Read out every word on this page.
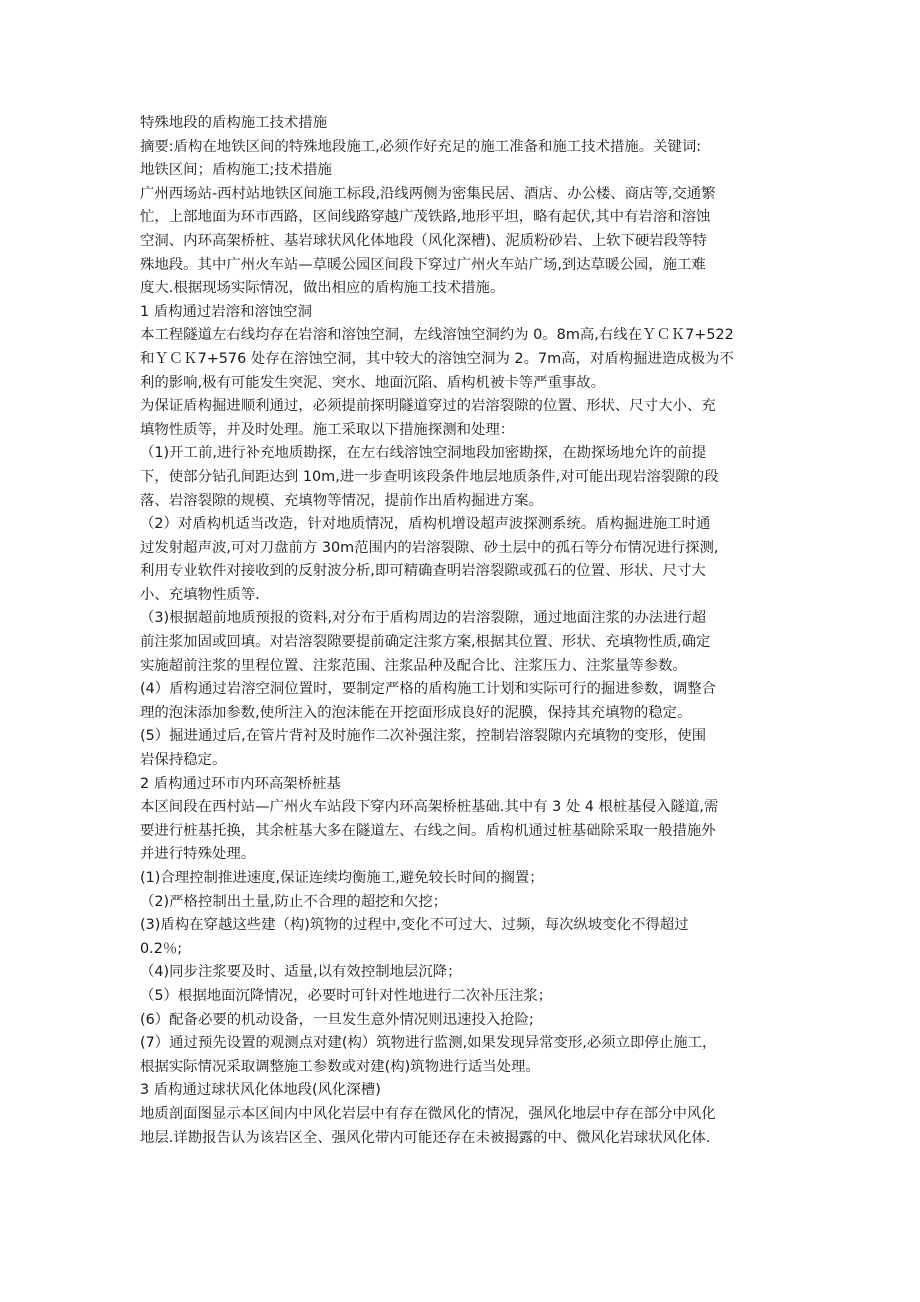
特殊地段的盾构施工技术措施
摘要:盾构在地铁区间的特殊地段施工,必须作好充足的施工准备和施工技术措施。关键词:
地铁区间；盾构施工;技术措施
广州西场站-西村站地铁区间施工标段,沿线两侧为密集民居、酒店、办公楼、商店等,交通繁
忙，上部地面为环市西路，区间线路穿越广茂铁路,地形平坦，略有起伏,其中有岩溶和溶蚀
空洞、内环高架桥桩、基岩球状风化体地段（风化深槽)、泥质粉砂岩、上软下硬岩段等特
殊地段。其中广州火车站—草暖公园区间段下穿过广州火车站广场,到达草暖公园，施工难
度大.根据现场实际情况，做出相应的盾构施工技术措施。
1 盾构通过岩溶和溶蚀空洞
本工程隧道左右线均存在岩溶和溶蚀空洞，左线溶蚀空洞约为 0。8m高,右线在ＹＣＫ7+522
和ＹＣＫ7+576 处存在溶蚀空洞，其中较大的溶蚀空洞为 2。7m高，对盾构掘进造成极为不
利的影响,极有可能发生突泥、突水、地面沉陷、盾构机被卡等严重事故。
为保证盾构掘进顺利通过，必须提前探明隧道穿过的岩溶裂隙的位置、形状、尺寸大小、充
填物性质等，并及时处理。施工采取以下措施探测和处理：
（1)开工前,进行补充地质勘探，在左右线溶蚀空洞地段加密勘探，在勘探场地允许的前提
下，使部分钻孔间距达到 10m,进一步查明该段条件地层地质条件,对可能出现岩溶裂隙的段
落、岩溶裂隙的规模、充填物等情况，提前作出盾构掘进方案。
（2）对盾构机适当改造，针对地质情况，盾构机增设超声波探测系统。盾构掘进施工时通
过发射超声波,可对刀盘前方 30m范围内的岩溶裂隙、砂土层中的孤石等分布情况进行探测,
利用专业软件对接收到的反射波分析,即可精确查明岩溶裂隙或孤石的位置、形状、尺寸大
小、充填物性质等.
（3)根据超前地质预报的资料,对分布于盾构周边的岩溶裂隙，通过地面注浆的办法进行超
前注浆加固或回填。对岩溶裂隙要提前确定注浆方案,根据其位置、形状、充填物性质,确定
实施超前注浆的里程位置、注浆范围、注浆品种及配合比、注浆压力、注浆量等参数。
(4）盾构通过岩溶空洞位置时，要制定严格的盾构施工计划和实际可行的掘进参数，调整合
理的泡沫添加参数,使所注入的泡沫能在开挖面形成良好的泥膜，保持其充填物的稳定。
(5）掘进通过后,在管片背衬及时施作二次补强注浆，控制岩溶裂隙内充填物的变形，使围
岩保持稳定。
2 盾构通过环市内环高架桥桩基
本区间段在西村站—广州火车站段下穿内环高架桥桩基础.其中有 3 处 4 根桩基侵入隧道,需
要进行桩基托换，其余桩基大多在隧道左、右线之间。盾构机通过桩基础除采取一般措施外
并进行特殊处理。
(1)合理控制推进速度,保证连续均衡施工,避免较长时间的搁置；
（2)严格控制出土量,防止不合理的超挖和欠挖；
(3)盾构在穿越这些建（构)筑物的过程中,变化不可过大、过频，每次纵坡变化不得超过
0.2％;
（4)同步注浆要及时、适量,以有效控制地层沉降；
（5）根据地面沉降情况，必要时可针对性地进行二次补压注浆；
(6）配备必要的机动设备，一旦发生意外情况则迅速投入抢险;
(7）通过预先设置的观测点对建(构）筑物进行监测,如果发现异常变形,必须立即停止施工，
根据实际情况采取调整施工参数或对建(构)筑物进行适当处理。
3 盾构通过球状风化体地段(风化深槽)
地质剖面图显示本区间内中风化岩层中有存在微风化的情况，强风化地层中存在部分中风化
地层.详勘报告认为该岩区全、强风化带内可能还存在未被揭露的中、微风化岩球状风化体.
